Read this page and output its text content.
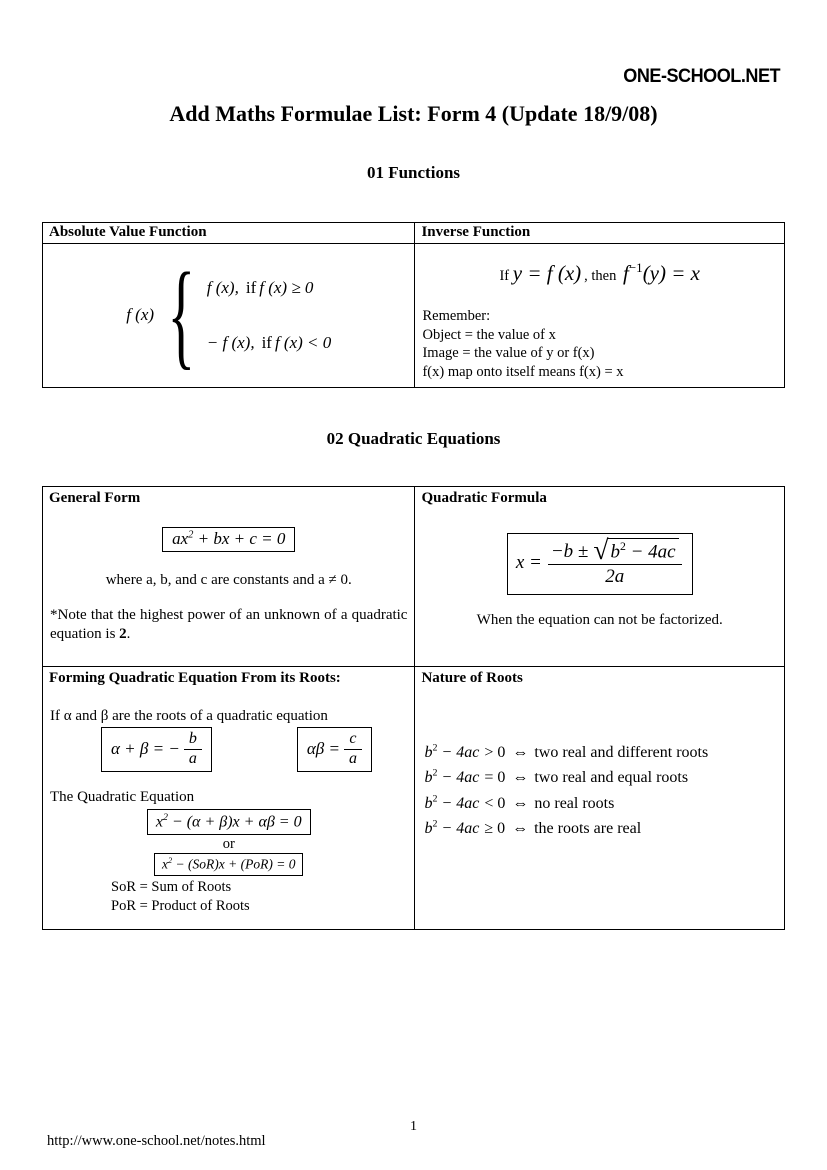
ONE-SCHOOL.NET
Add Maths Formulae List: Form 4 (Update 18/9/08)
01 Functions
Absolute Value Function	Inverse Function

f (x) { f (x), if f (x) ≥ 0
− f (x), if f (x) < 0

If y = f (x) , then $f^{-1}(y) = x$
Remember:
Object = the value of x
Image = the value of y or f(x)
f(x) map onto itself means f(x) = x
02 Quadratic Equations
General Form
$ax^2$ + bx + c = 0
where a, b, and c are constants and a ≠ 0.
*Note that the highest power of an unknown of a quadratic equation is 2.

Quadratic Formula
x =
−b ± √ $b^2 - 4ac$
2a
When the equation can not be factorized.

Forming Quadratic Equation From its Roots:
If α and β are the roots of a quadratic equation
α + β = − $\frac{b}{a}$	$\alpha\beta = \frac{c}{a}$
The Quadratic Equation
$x^2 - (\alpha + \beta)x + \alpha\beta = 0$
or
$x^2 - (SoR)x + (PoR) = 0$
SoR = Sum of Roots
PoR = Product of Roots

Nature of Roots
$b^2 - 4ac > 0$ ⇔ two real and different roots
$b^2 - 4ac = 0$ ⇔ two real and equal roots
$b^2 - 4ac < 0$ ⇔ no real roots
$b^2 - 4ac \ge 0$ ⇔ the roots are real
1
http://www.one-school.net/notes.html
